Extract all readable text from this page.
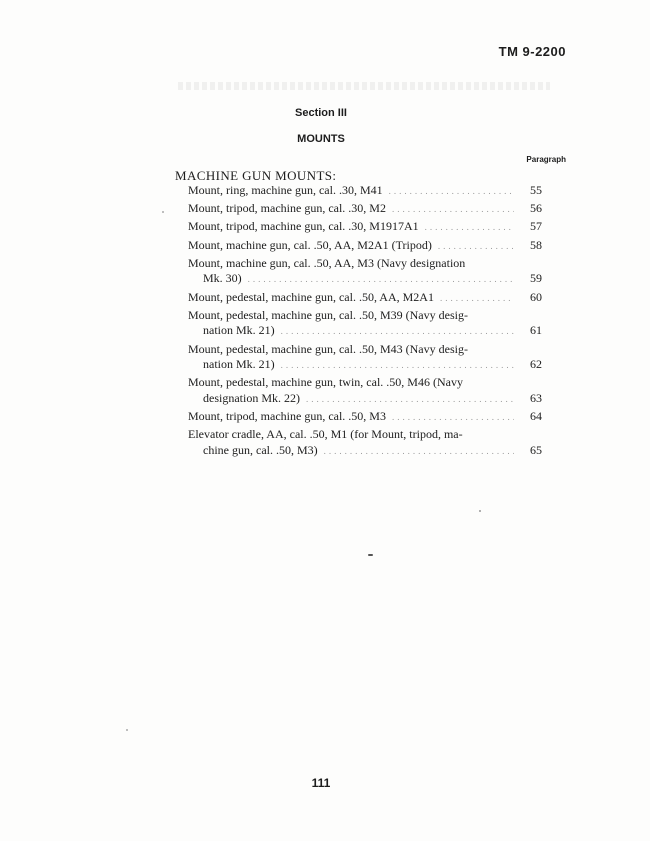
TM 9-2200
Section III
MOUNTS
Paragraph
MACHINE GUN MOUNTS:
Mount, ring, machine gun, cal. .30, M41 .....	55
Mount, tripod, machine gun, cal. .30, M2 .....	56
Mount, tripod, machine gun, cal. .30, M1917A1 .....	57
Mount, machine gun, cal. .50, AA, M2A1 (Tripod) .....	58
Mount, machine gun, cal. .50, AA, M3 (Navy designation
Mk. 30) .....	59
Mount, pedestal, machine gun, cal. .50, AA, M2A1 .....	60
Mount, pedestal, machine gun, cal. .50, M39 (Navy desig-
nation Mk. 21) .....	61
Mount, pedestal, machine gun, cal. .50, M43 (Navy desig-
nation Mk. 21) .....	62
Mount, pedestal, machine gun, twin, cal. .50, M46 (Navy
designation Mk. 22) .....	63
Mount, tripod, machine gun, cal. .50, M3 .....	64
Elevator cradle, AA, cal. .50, M1 (for Mount, tripod, ma-
chine gun, cal. .50, M3) .....	65
111
